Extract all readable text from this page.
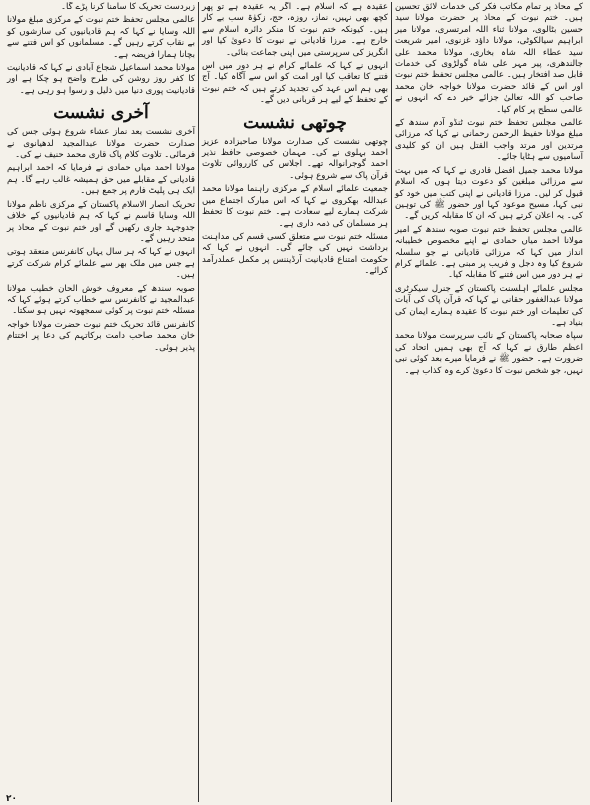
کے محاذ پر تمام مکاتب فکر کی خدمات لائق تحسین ہیں۔ ختم نبوت کے محاذ پر حضرت مولانا سید حسین بٹالوی، مولانا ثناء اللہ امرتسری، مولانا میر ابراہیم سیالکوٹی، مولانا داؤد غزنوی، امیر شریعت سید عطاء اللہ شاہ بخاری، مولانا محمد علی جالندھری، پیر مہر علی شاہ گولڑوی کی خدمات قابل صد افتخار ہیں۔ عالمی مجلس تحفظ ختم نبوت اور اس کے قائد حضرت مولانا خواجہ خان محمد صاحب کو اللہ تعالیٰ جزائے خیر دے کہ انہوں نے عالمی سطح پر کام کیا۔

عالمی مجلس تحفظ ختم نبوت ٹنڈو آدم سندھ کے مبلغ مولانا حفیظ الرحمن رحمانی نے کہا کہ مرزائی مرتدین اور مرتد واجب القتل ہیں ان کو کلیدی آسامیوں سے ہٹایا جائے۔

مولانا محمد جمیل افضل قادری نے کہا کہ میں بہت سے مرزائی مبلغین کو دعوت دیتا ہوں کہ اسلام قبول کر لیں۔ مرزا قادیانی نے اپنی کتب میں خود کو نبی کہا، مسیح موعود کہا اور حضور ﷺ کی توہین کی۔ یہ اعلان کرتے ہیں کہ ان کا مقابلہ کریں گے۔

عالمی مجلس تحفظ ختم نبوت صوبہ سندھ کے امیر مولانا احمد میاں حمادی نے اپنے مخصوص خطیبانہ انداز میں کہا کہ مرزائی قادیانی نے جو سلسلہ شروع کیا وہ دجل و فریب پر مبنی ہے۔ علمائے کرام نے ہر دور میں اس فتنے کا مقابلہ کیا۔

مجلس علمائے اہلسنت پاکستان کے جنرل سیکرٹری مولانا عبدالغفور حقانی نے کہا کہ قرآن پاک کی آیات کی تعلیمات اور ختم نبوت کا عقیدہ ہمارے ایمان کی بنیاد ہے۔

سپاہ صحابہ پاکستان کے نائب سرپرست مولانا محمد اعظم طارق نے کہا کہ آج بھی ہمیں اتحاد کی ضرورت ہے۔ حضور ﷺ نے فرمایا میرے بعد کوئی نبی نہیں، جو شخص نبوت کا دعویٰ کرے وہ کذاب ہے۔

عقیدہ ہے کہ اسلام ہے۔ اگر یہ عقیدہ ہے تو پھر کچھ بھی نہیں، نماز، روزہ، حج، زکوٰۃ سب بے کار ہیں۔ کیونکہ ختم نبوت کا منکر دائرہ اسلام سے خارج ہے۔ مرزا قادیانی نے نبوت کا دعویٰ کیا اور انگریز کی سرپرستی میں اپنی جماعت بنائی۔

انہوں نے کہا کہ علمائے کرام نے ہر دور میں اس فتنے کا تعاقب کیا اور امت کو اس سے آگاہ کیا۔ آج بھی ہم اس عہد کی تجدید کرتے ہیں کہ ختم نبوت کے تحفظ کے لیے ہر قربانی دیں گے۔

چوتھی نشست

چوتھی نشست کی صدارت مولانا صاحبزادہ عزیز احمد بہلوی نے کی۔ مہمان خصوصی حافظ نذیر احمد گوجرانوالہ تھے۔ اجلاس کی کارروائی تلاوت قرآن پاک سے شروع ہوئی۔

جمعیت علمائے اسلام کے مرکزی راہنما مولانا محمد عبداللہ بھکروی نے کہا کہ اس مبارک اجتماع میں شرکت ہمارے لیے سعادت ہے۔ ختم نبوت کا تحفظ ہر مسلمان کی ذمہ داری ہے۔

مسئلہ ختم نبوت سے متعلق کسی قسم کی مداہنت برداشت نہیں کی جائے گی۔ انہوں نے کہا کہ حکومت امتناع قادیانیت آرڈیننس پر مکمل عملدرآمد کرائے۔

زبردست تحریک کا سامنا کرنا پڑے گا۔

عالمی مجلس تحفظ ختم نبوت کے مرکزی مبلغ مولانا اللہ وسایا نے کہا کہ ہم قادیانیوں کی سازشوں کو بے نقاب کرتے رہیں گے۔ مسلمانوں کو اس فتنے سے بچانا ہمارا فریضہ ہے۔

مولانا محمد اسماعیل شجاع آبادی نے کہا کہ قادیانیت کا کفر روز روشن کی طرح واضح ہو چکا ہے اور قادیانیت پوری دنیا میں ذلیل و رسوا ہو رہی ہے۔

آخری نشست

آخری نشست بعد نماز عشاء شروع ہوئی جس کی صدارت حضرت مولانا عبدالمجید لدھیانوی نے فرمائی۔ تلاوت کلام پاک قاری محمد حنیف نے کی۔

مولانا احمد میاں حمادی نے فرمایا کہ احمد ابراہیم قادیانی کے مقابلے میں حق ہمیشہ غالب رہے گا۔ ہم ایک ہی پلیٹ فارم پر جمع ہیں۔

تحریک انصار الاسلام پاکستان کے مرکزی ناظم مولانا اللہ وسایا قاسم نے کہا کہ ہم قادیانیوں کے خلاف جدوجہد جاری رکھیں گے اور ختم نبوت کے محاذ پر متحد رہیں گے۔

انہوں نے کہا کہ ہر سال یہاں کانفرنس منعقد ہوتی ہے جس میں ملک بھر سے علمائے کرام شرکت کرتے ہیں۔

صوبہ سندھ کے معروف خوش الحان خطیب مولانا عبدالمجید نے کانفرنس سے خطاب کرتے ہوئے کہا کہ مسئلہ ختم نبوت پر کوئی سمجھوتہ نہیں ہو سکتا۔

کانفرنس قائد تحریک ختم نبوت حضرت مولانا خواجہ خان محمد صاحب دامت برکاتہم کی دعا پر اختتام پذیر ہوئی۔

۲۰
